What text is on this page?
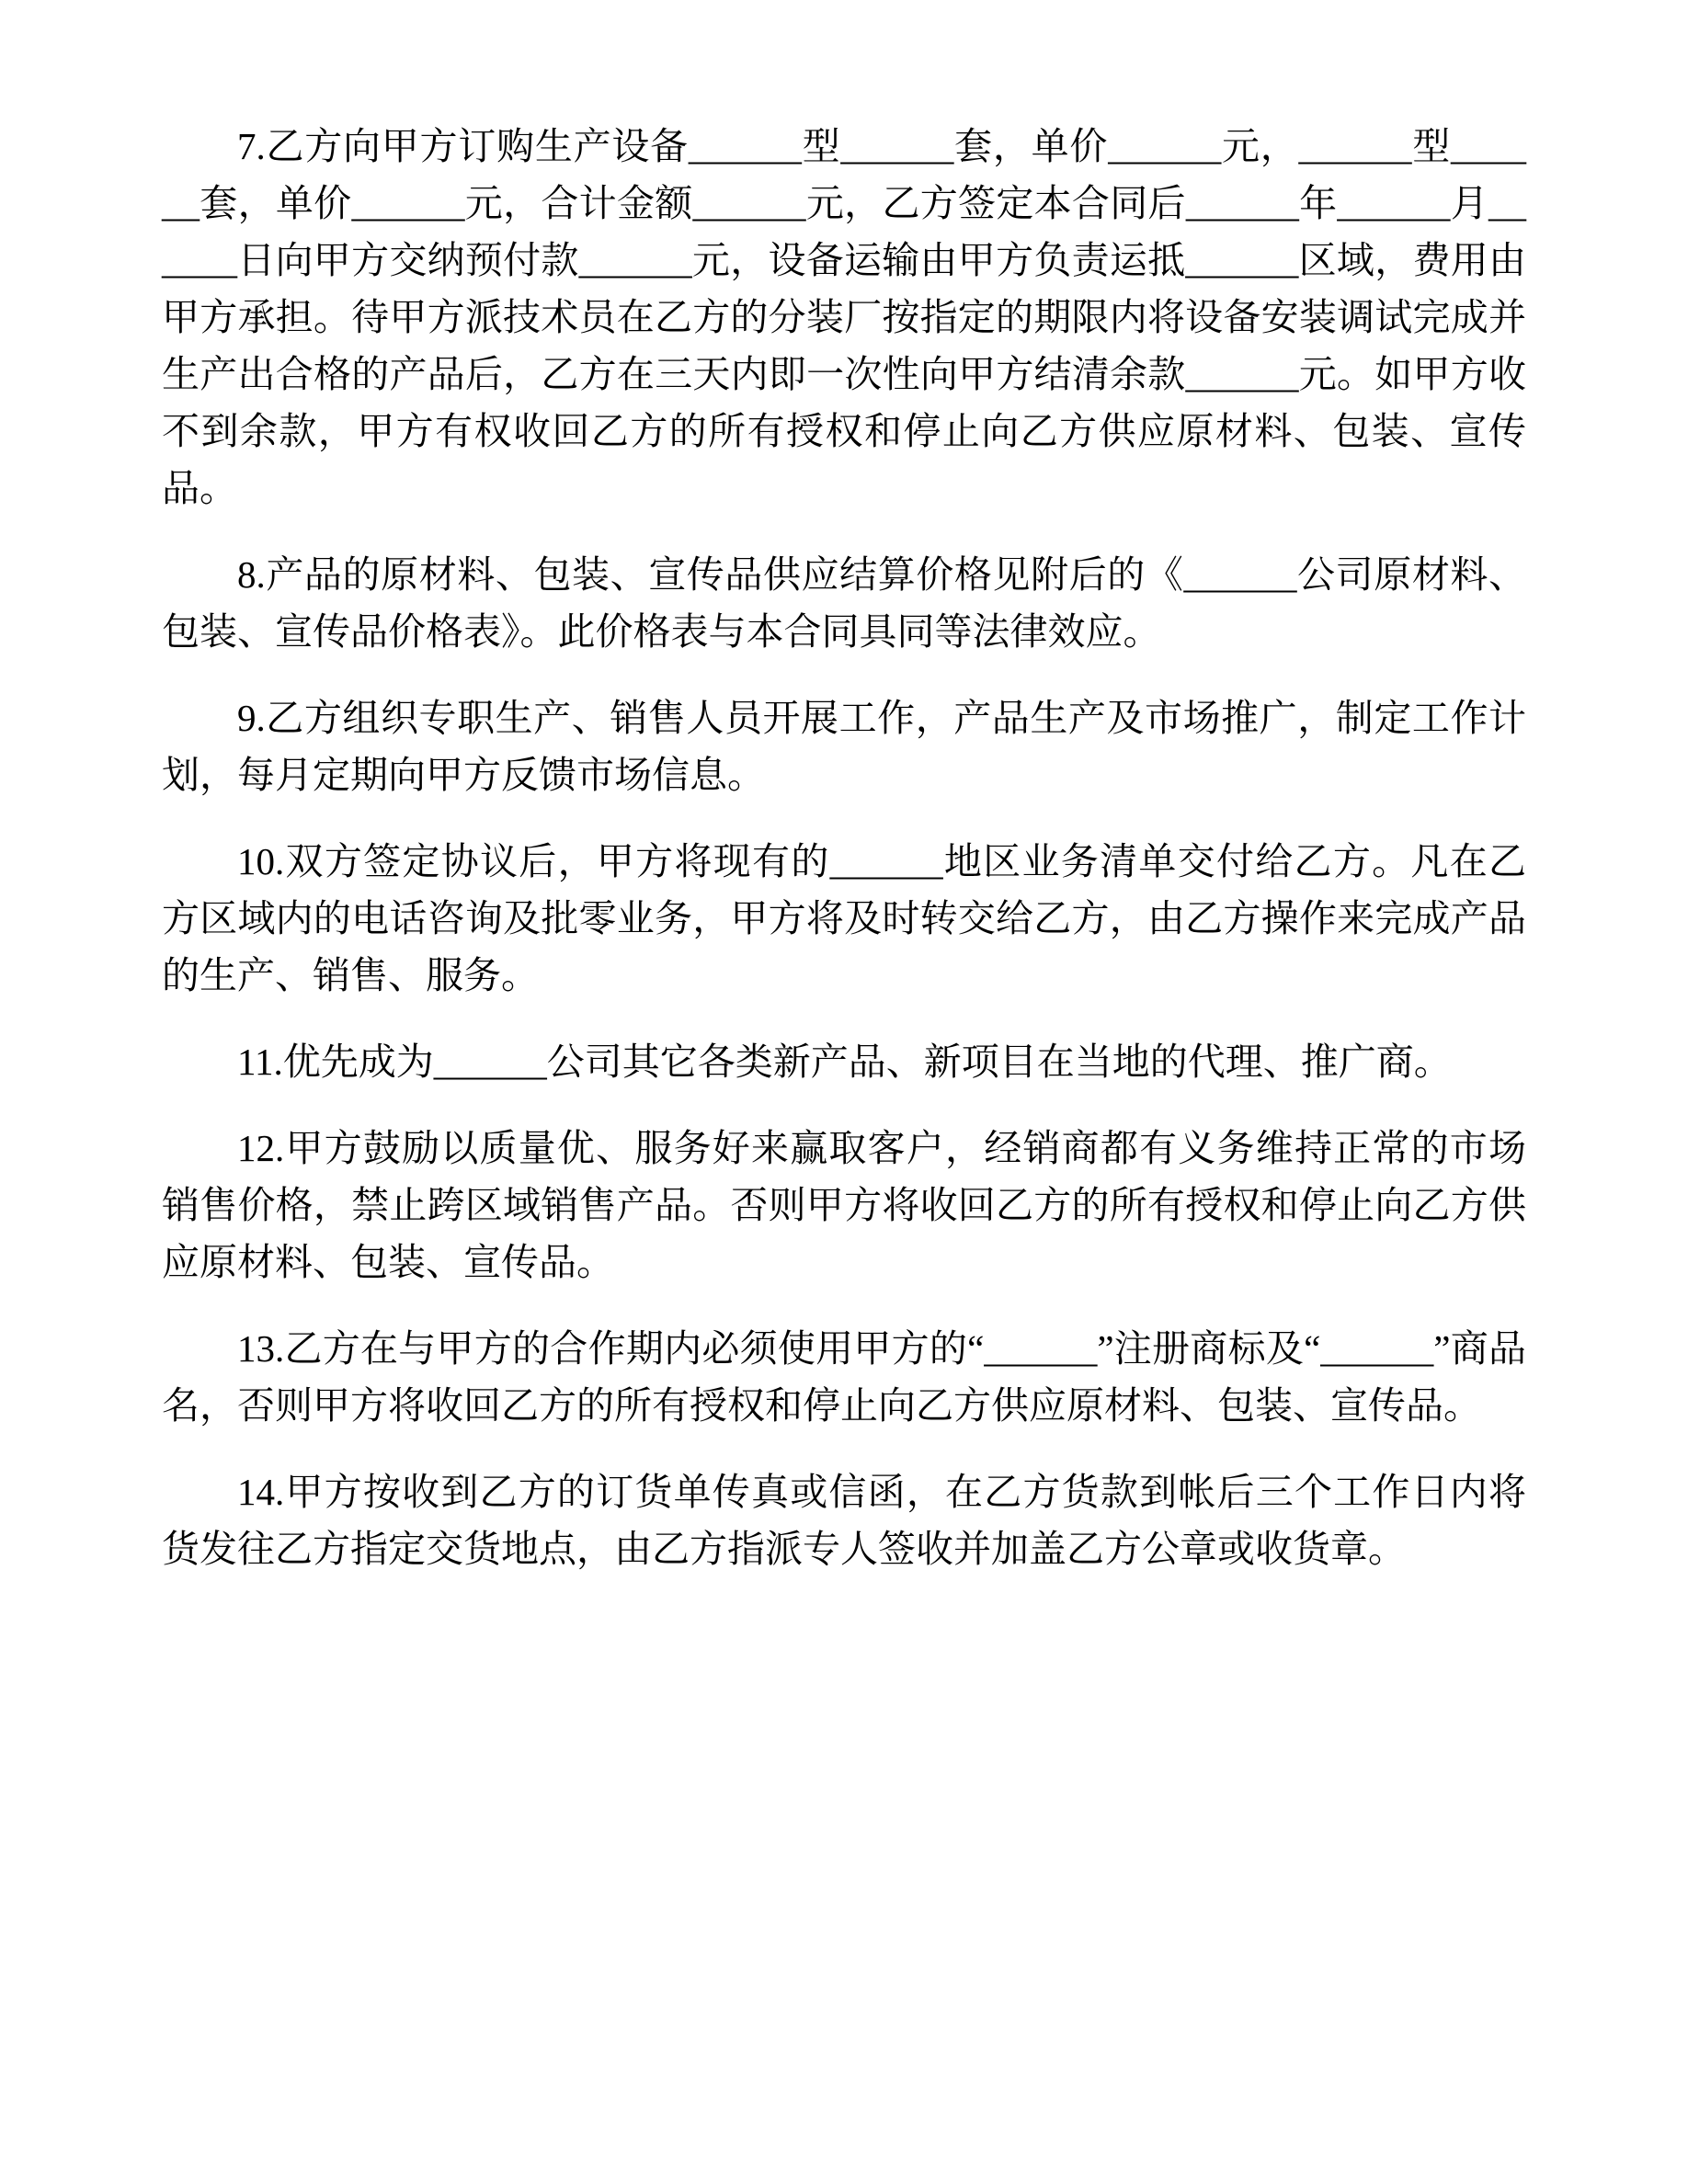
7.乙方向甲方订购生产设备______型______套，单价______元，______型______套，单价______元，合计金额______元，乙方签定本合同后______年______月______日向甲方交纳预付款______元，设备运输由甲方负责运抵______区域，费用由甲方承担。待甲方派技术员在乙方的分装厂按指定的期限内将设备安装调试完成并生产出合格的产品后，乙方在三天内即一次性向甲方结清余款______元。如甲方收不到余款，甲方有权收回乙方的所有授权和停止向乙方供应原材料、包装、宣传品。

8.产品的原材料、包装、宣传品供应结算价格见附后的《______公司原材料、包装、宣传品价格表》。此价格表与本合同具同等法律效应。

9.乙方组织专职生产、销售人员开展工作，产品生产及市场推广，制定工作计划，每月定期向甲方反馈市场信息。

10.双方签定协议后，甲方将现有的______地区业务清单交付给乙方。凡在乙方区域内的电话咨询及批零业务，甲方将及时转交给乙方，由乙方操作来完成产品的生产、销售、服务。

11.优先成为______公司其它各类新产品、新项目在当地的代理、推广商。

12.甲方鼓励以质量优、服务好来赢取客户，经销商都有义务维持正常的市场销售价格，禁止跨区域销售产品。否则甲方将收回乙方的所有授权和停止向乙方供应原材料、包装、宣传品。

13.乙方在与甲方的合作期内必须使用甲方的“______”注册商标及“______”商品名，否则甲方将收回乙方的所有授权和停止向乙方供应原材料、包装、宣传品。

14.甲方按收到乙方的订货单传真或信函，在乙方货款到帐后三个工作日内将货发往乙方指定交货地点，由乙方指派专人签收并加盖乙方公章或收货章。
